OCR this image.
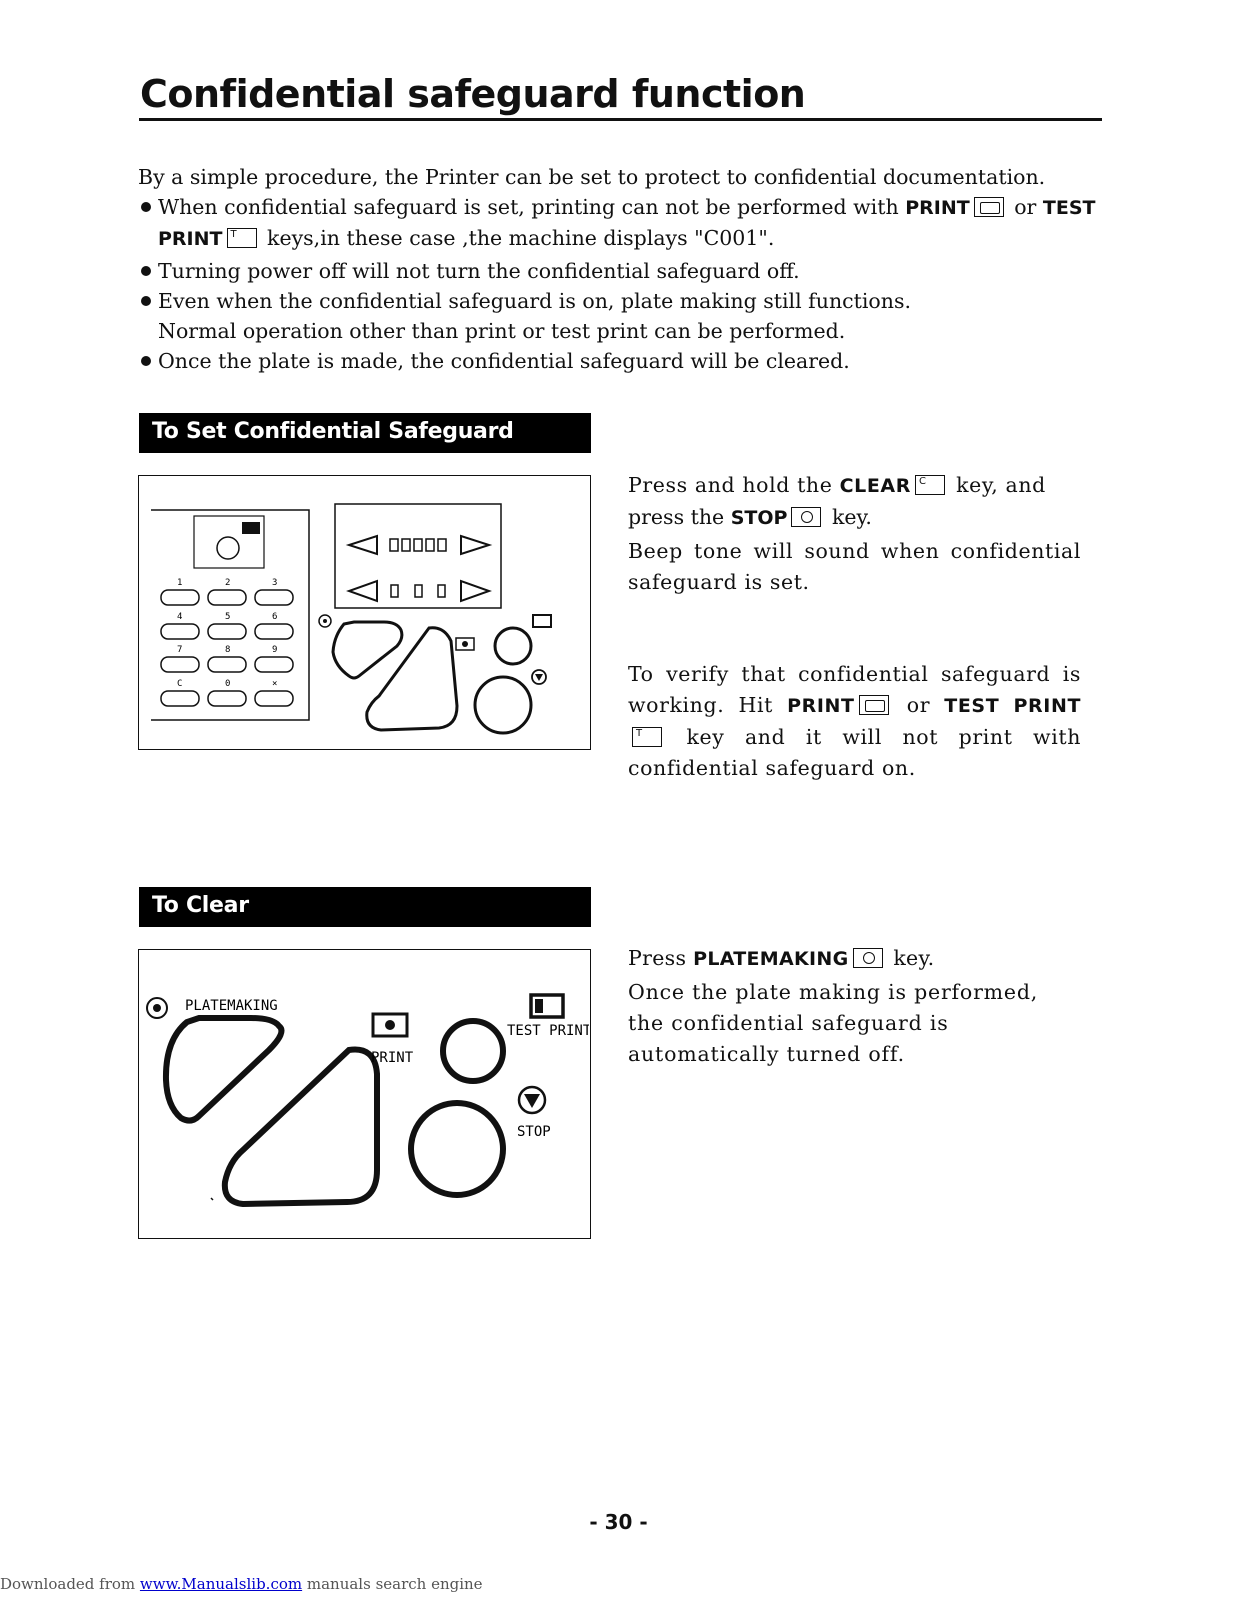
Confidential safeguard function
By a simple procedure, the Printer can be set to protect to confidential documentation.
When confidential safeguard is set, printing can not be performed with PRINT
or TEST
PRINT T keys,in these case ,the machine displays "C001".
Turning power off will not turn the confidential safeguard off.
Even when the confidential safeguard is on, plate making still functions.
Normal operation other than print or test print can be performed.
Once the plate is made, the confidential safeguard will be cleared.
To Set Confidential Safeguard Function
1	2	3
4	5	6
7	8	9
C	0	×
Press and hold the CLEAR C key, and
press the STOP
key.
Beep tone will sound when confidential safeguard is set.
To verify that confidential safeguard is working. Hit PRINT
or TEST PRINT
T key and it will not print with confidential safeguard on.
To Clear
PLATEMAKING
PRINT
TEST PRINT
STOP
Press PLATEMAKING
key.
Once the plate making is performed, the confidential safeguard is automatically turned off.
- 30 -
Downloaded from www.Manualslib.com manuals search engine
